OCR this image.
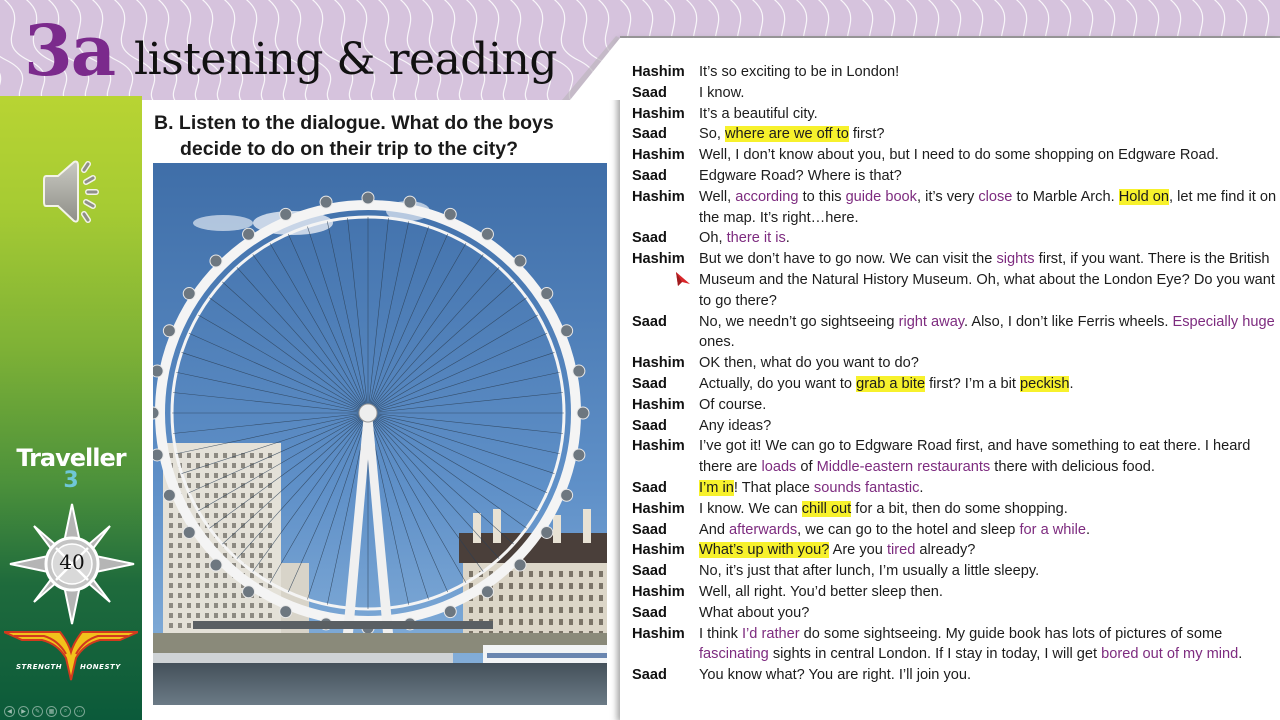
3a listening & reading
Traveller
3
40
STRENGTH	HONESTY
◀	▶	✎	▦	⌕	⋯
B. Listen to the dialogue. What do the boys
decide to do on their trip to the city?
Hashim It’s so exciting to be in London!
Saad	I know.
Hashim It’s a beautiful city.
Saad	So, where are we off to first?
Hashim Well, I don’t know about you, but I need to do some shopping on Edgware Road.
Saad	Edgware Road? Where is that?
Hashim Well, according to this guide book, it’s very close to Marble Arch. Hold on, let me find it on the map. It’s right…here.
Saad	Oh, there it is.
Hashim But we don’t have to go now. We can visit the sights first, if you want. There is the British Museum and the Natural History Museum. Oh, what about the London Eye? Do you want to go there?
Saad	No, we needn’t go sightseeing right away. Also, I don’t like Ferris wheels. Especially huge ones.
Hashim OK then, what do you want to do?
Saad	Actually, do you want to grab a bite first? I’m a bit peckish.
Hashim Of course.
Saad	Any ideas?
Hashim I’ve got it! We can go to Edgware Road first, and have something to eat there. I heard there are loads of Middle-eastern restaurants there with delicious food.
Saad	I’m in! That place sounds fantastic.
Hashim I know. We can chill out for a bit, then do some shopping.
Saad	And afterwards, we can go to the hotel and sleep for a while.
Hashim What’s up with you? Are you tired already?
Saad	No, it’s just that after lunch, I’m usually a little sleepy.
Hashim Well, all right. You’d better sleep then.
Saad	What about you?
Hashim I think I’d rather do some sightseeing. My guide book has lots of pictures of some fascinating sights in central London. If I stay in today, I will get bored out of my mind.
Saad	You know what? You are right. I’ll join you.
